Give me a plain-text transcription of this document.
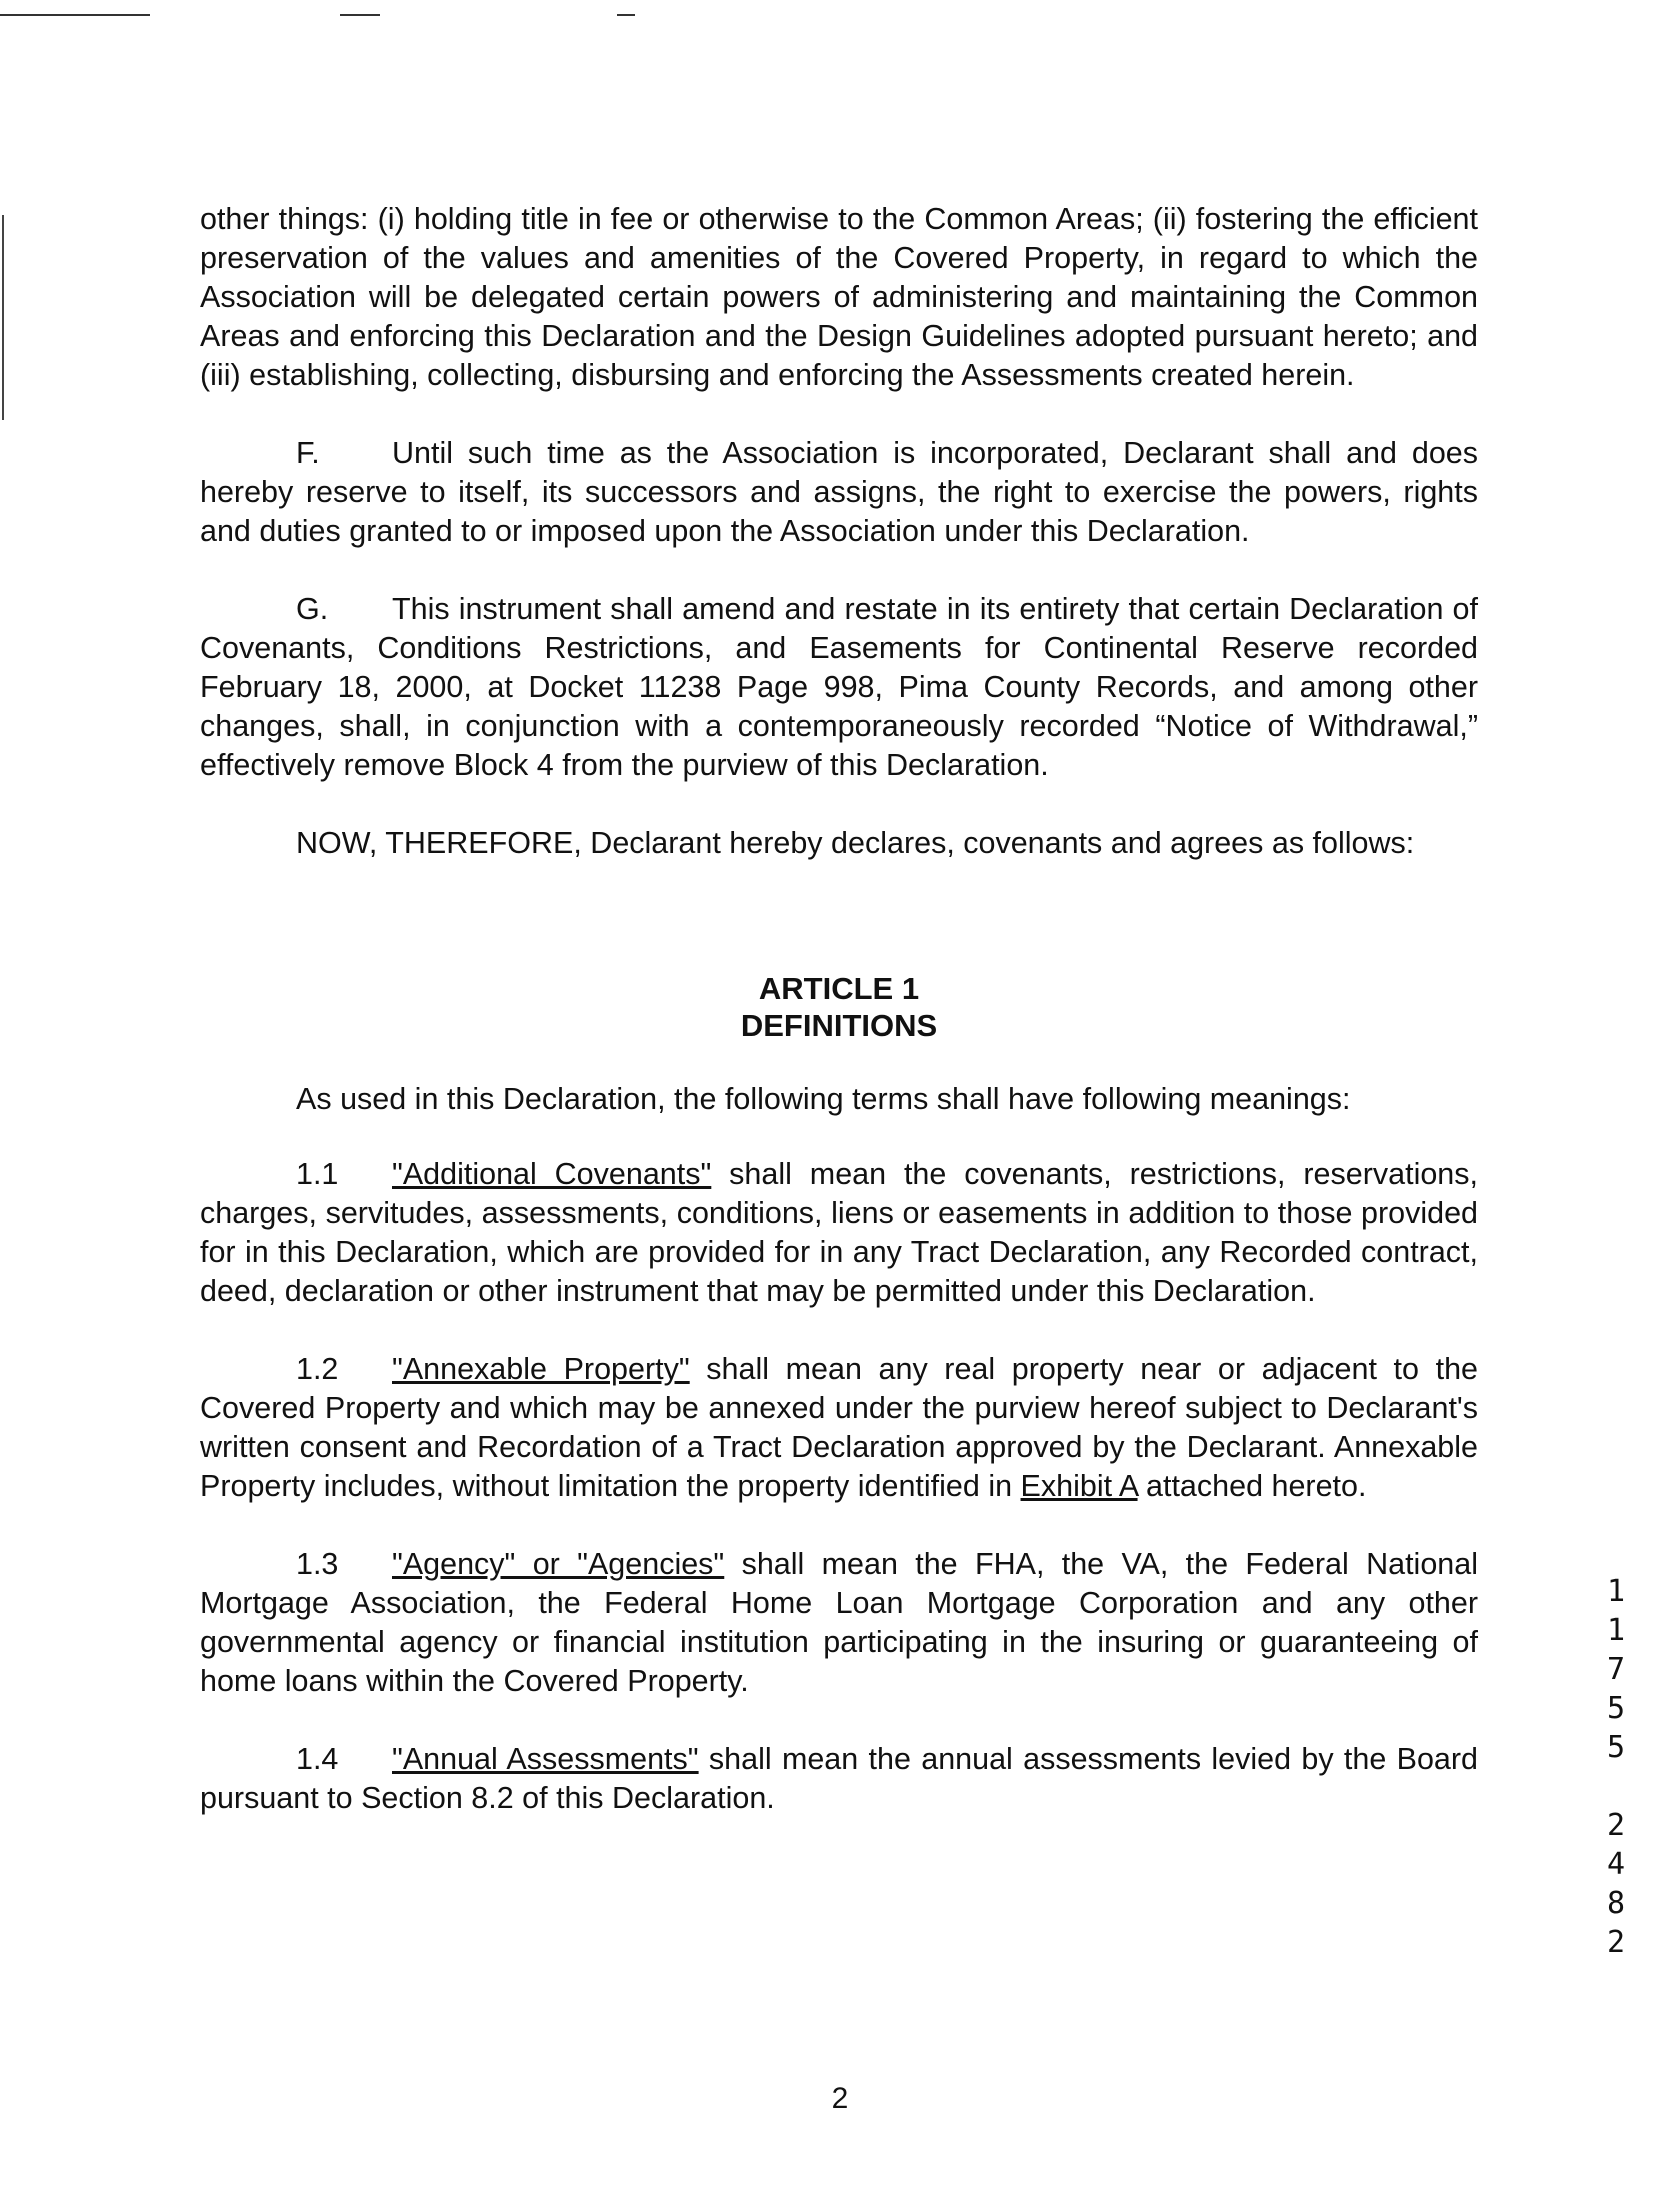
other things: (i) holding title in fee or otherwise to the Common Areas; (ii) fostering the efficient preservation of the values and amenities of the Covered Property, in regard to which the Association will be delegated certain powers of administering and maintaining the Common Areas and enforcing this Declaration and the Design Guidelines adopted pursuant hereto; and (iii) establishing, collecting, disbursing and enforcing the Assessments created herein.

F. Until such time as the Association is incorporated, Declarant shall and does hereby reserve to itself, its successors and assigns, the right to exercise the powers, rights and duties granted to or imposed upon the Association under this Declaration.

G. This instrument shall amend and restate in its entirety that certain Declaration of Covenants, Conditions Restrictions, and Easements for Continental Reserve recorded February 18, 2000, at Docket 11238 Page 998, Pima County Records, and among other changes, shall, in conjunction with a contemporaneously recorded “Notice of Withdrawal,” effectively remove Block 4 from the purview of this Declaration.

NOW, THEREFORE, Declarant hereby declares, covenants and agrees as follows:

ARTICLE 1
DEFINITIONS

As used in this Declaration, the following terms shall have following meanings:

1.1 "Additional Covenants" shall mean the covenants, restrictions, reservations, charges, servitudes, assessments, conditions, liens or easements in addition to those provided for in this Declaration, which are provided for in any Tract Declaration, any Recorded contract, deed, declaration or other instrument that may be permitted under this Declaration.

1.2 "Annexable Property" shall mean any real property near or adjacent to the Covered Property and which may be annexed under the purview hereof subject to Declarant's written consent and Recordation of a Tract Declaration approved by the Declarant. Annexable Property includes, without limitation the property identified in Exhibit A attached hereto.

1.3 "Agency" or "Agencies" shall mean the FHA, the VA, the Federal National Mortgage Association, the Federal Home Loan Mortgage Corporation and any other governmental agency or financial institution participating in the insuring or guaranteeing of home loans within the Covered Property.

1.4 "Annual Assessments" shall mean the annual assessments levied by the Board pursuant to Section 8.2 of this Declaration.

1
1
7
5
5
2
4
8
2
2
